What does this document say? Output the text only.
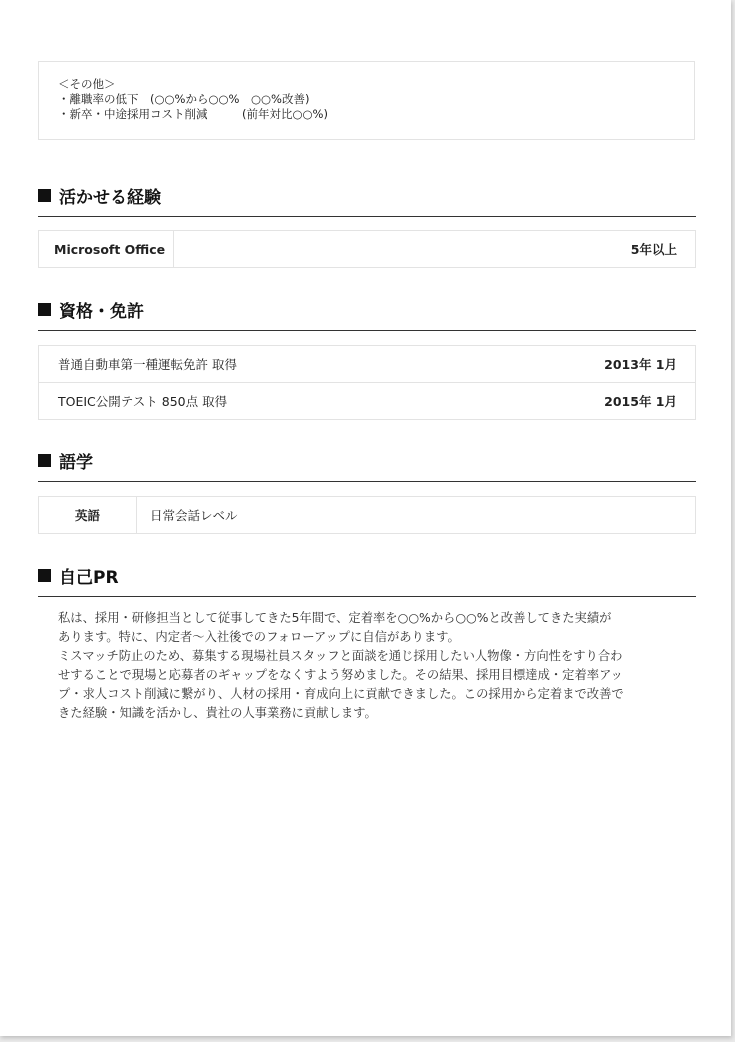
＜その他＞
・離職率の低下　(○○%から○○%　○○%改善)
・新卒・中途採用コスト削減　　　(前年対比○○%)
活かせる経験
Microsoft Office	5年以上
資格・免許
普通自動車第一種運転免許 取得	2013年 1月
TOEIC公開テスト 850点 取得	2015年 1月
語学
英語	日常会話レベル
自己PR
私は、採用・研修担当として従事してきた5年間で、定着率を○○%から○○%と改善してきた実績が
あります。特に、内定者〜入社後でのフォローアップに自信があります。
ミスマッチ防止のため、募集する現場社員スタッフと面談を通じ採用したい人物像・方向性をすり合わ
せすることで現場と応募者のギャップをなくすよう努めました。その結果、採用目標達成・定着率アッ
プ・求人コスト削減に繋がり、人材の採用・育成向上に貢献できました。この採用から定着まで改善で
きた経験・知識を活かし、貴社の人事業務に貢献します。
